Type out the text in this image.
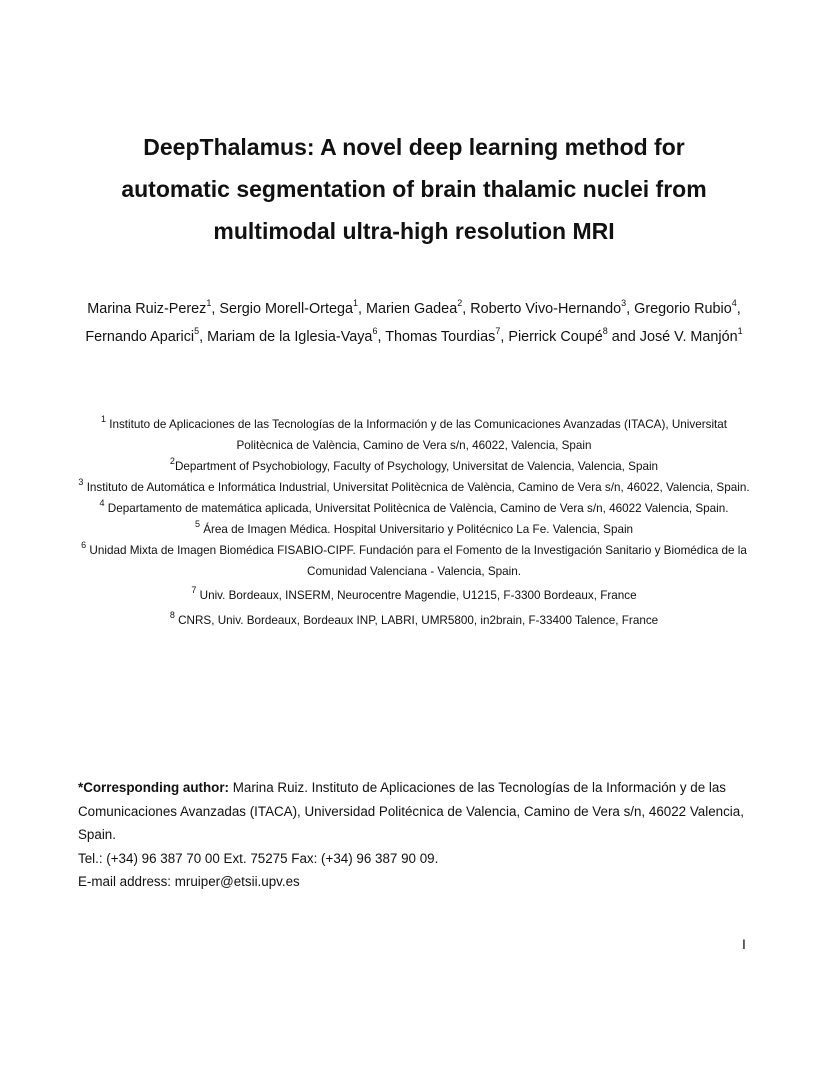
DeepThalamus: A novel deep learning method for
automatic segmentation of brain thalamic nuclei from
multimodal ultra-high resolution MRI
Marina Ruiz-Perez$^1$, Sergio Morell-Ortega$^1$, Marien Gadea$^2$, Roberto Vivo-Hernando$^3$, Gregorio Rubio$^4$, Fernando Aparici$^5$, Mariam de la Iglesia-Vaya$^6$, Thomas Tourdias$^7$, Pierrick Coupé$^8$ and José V. Manjón$^1$
$^1$ Instituto de Aplicaciones de las Tecnologías de la Información y de las Comunicaciones Avanzadas (ITACA), Universitat Politècnica de València, Camino de Vera s/n, 46022, Valencia, Spain
$^2$Department of Psychobiology, Faculty of Psychology, Universitat de Valencia, Valencia, Spain
$^3$ Instituto de Automática e Informática Industrial, Universitat Politècnica de València, Camino de Vera s/n, 46022, Valencia, Spain.
$^4$ Departamento de matemática aplicada, Universitat Politècnica de València, Camino de Vera s/n, 46022 Valencia, Spain.
$^5$ Área de Imagen Médica. Hospital Universitario y Politécnico La Fe. Valencia, Spain
$^6$ Unidad Mixta de Imagen Biomédica FISABIO-CIPF. Fundación para el Fomento de la Investigación Sanitario y Biomédica de la Comunidad Valenciana - Valencia, Spain.
$^7$ Univ. Bordeaux, INSERM, Neurocentre Magendie, U1215, F-3300 Bordeaux, France
$^8$ CNRS, Univ. Bordeaux, Bordeaux INP, LABRI, UMR5800, in2brain, F-33400 Talence, France
*Corresponding author: Marina Ruiz. Instituto de Aplicaciones de las Tecnologías de la Información y de las Comunicaciones Avanzadas (ITACA), Universidad Politécnica de Valencia, Camino de Vera s/n, 46022 Valencia, Spain.
Tel.: (+34) 96 387 70 00 Ext. 75275 Fax: (+34) 96 387 90 09.
E-mail address: mruiper@etsii.upv.es
I
